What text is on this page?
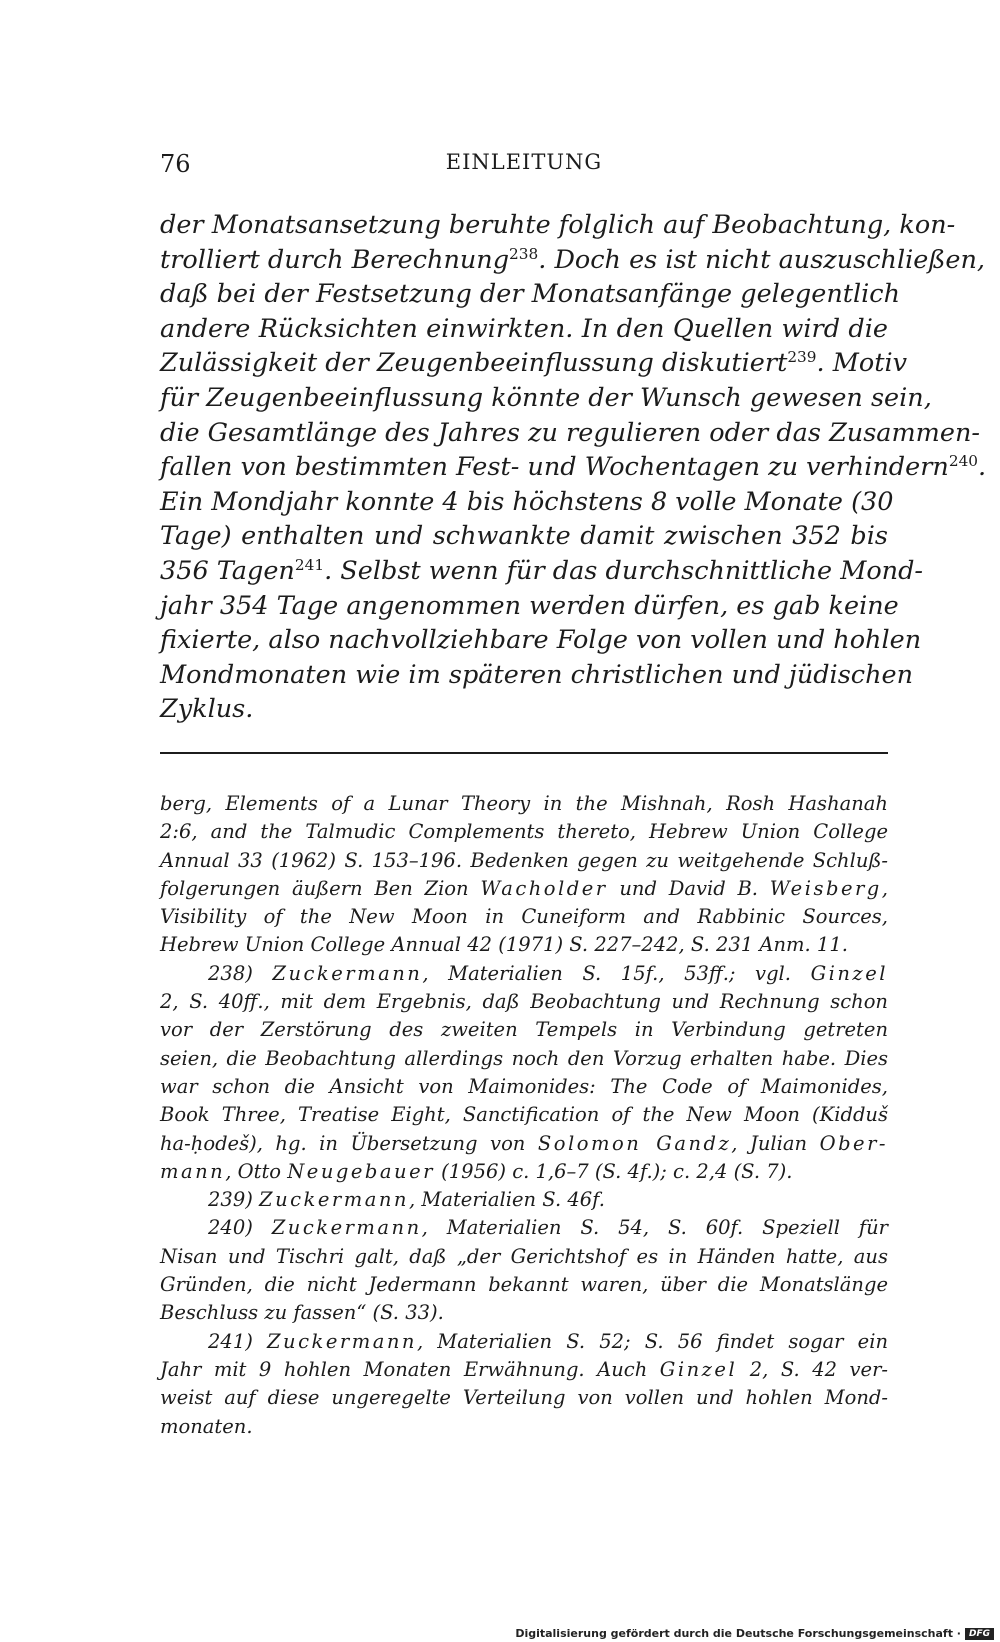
76	EINLEITUNG
der Monatsansetzung beruhte folglich auf Beobachtung, kon-
trolliert durch Berechnung$^{238}$. Doch es ist nicht auszuschließen,
daß bei der Festsetzung der Monatsanfänge gelegentlich
andere Rücksichten einwirkten. In den Quellen wird die
Zulässigkeit der Zeugenbeeinflussung diskutiert$^{239}$. Motiv
für Zeugenbeeinflussung könnte der Wunsch gewesen sein,
die Gesamtlänge des Jahres zu regulieren oder das Zusammen-
fallen von bestimmten Fest- und Wochentagen zu verhindern$^{240}$.
Ein Mondjahr konnte 4 bis höchstens 8 volle Monate (30
Tage) enthalten und schwankte damit zwischen 352 bis
356 Tagen$^{241}$. Selbst wenn für das durchschnittliche Mond-
jahr 354 Tage angenommen werden dürfen, es gab keine
fixierte, also nachvollziehbare Folge von vollen und hohlen
Mondmonaten wie im späteren christlichen und jüdischen
Zyklus.
berg, Elements of a Lunar Theory in the Mishnah, Rosh Hashanah
2:6, and the Talmudic Complements thereto, Hebrew Union College
Annual 33 (1962) S. 153–196. Bedenken gegen zu weitgehende Schluß-
folgerungen äußern Ben Zion Wacholder und David B. Weisberg,
Visibility of the New Moon in Cuneiform and Rabbinic Sources,
Hebrew Union College Annual 42 (1971) S. 227–242, S. 231 Anm. 11.
238) Zuckermann, Materialien S. 15f., 53ff.; vgl. Ginzel
2, S. 40ff., mit dem Ergebnis, daß Beobachtung und Rechnung schon
vor der Zerstörung des zweiten Tempels in Verbindung getreten
seien, die Beobachtung allerdings noch den Vorzug erhalten habe. Dies
war schon die Ansicht von Maimonides: The Code of Maimonides,
Book Three, Treatise Eight, Sanctification of the New Moon (Kidduš
ha-ḥodeš), hg. in Übersetzung von Solomon Gandz, Julian Ober-
mann, Otto Neugebauer (1956) c. 1,6–7 (S. 4f.); c. 2,4 (S. 7).
239) Zuckermann, Materialien S. 46f.
240) Zuckermann, Materialien S. 54, S. 60f. Speziell für
Nisan und Tischri galt, daß „der Gerichtshof es in Händen hatte, aus
Gründen, die nicht Jedermann bekannt waren, über die Monatslänge
Beschluss zu fassen“ (S. 33).
241) Zuckermann, Materialien S. 52; S. 56 findet sogar ein
Jahr mit 9 hohlen Monaten Erwähnung. Auch Ginzel 2, S. 42 ver-
weist auf diese ungeregelte Verteilung von vollen und hohlen Mond-
monaten.
Digitalisierung gefördert durch die Deutsche Forschungsgemeinschaft · DFG
